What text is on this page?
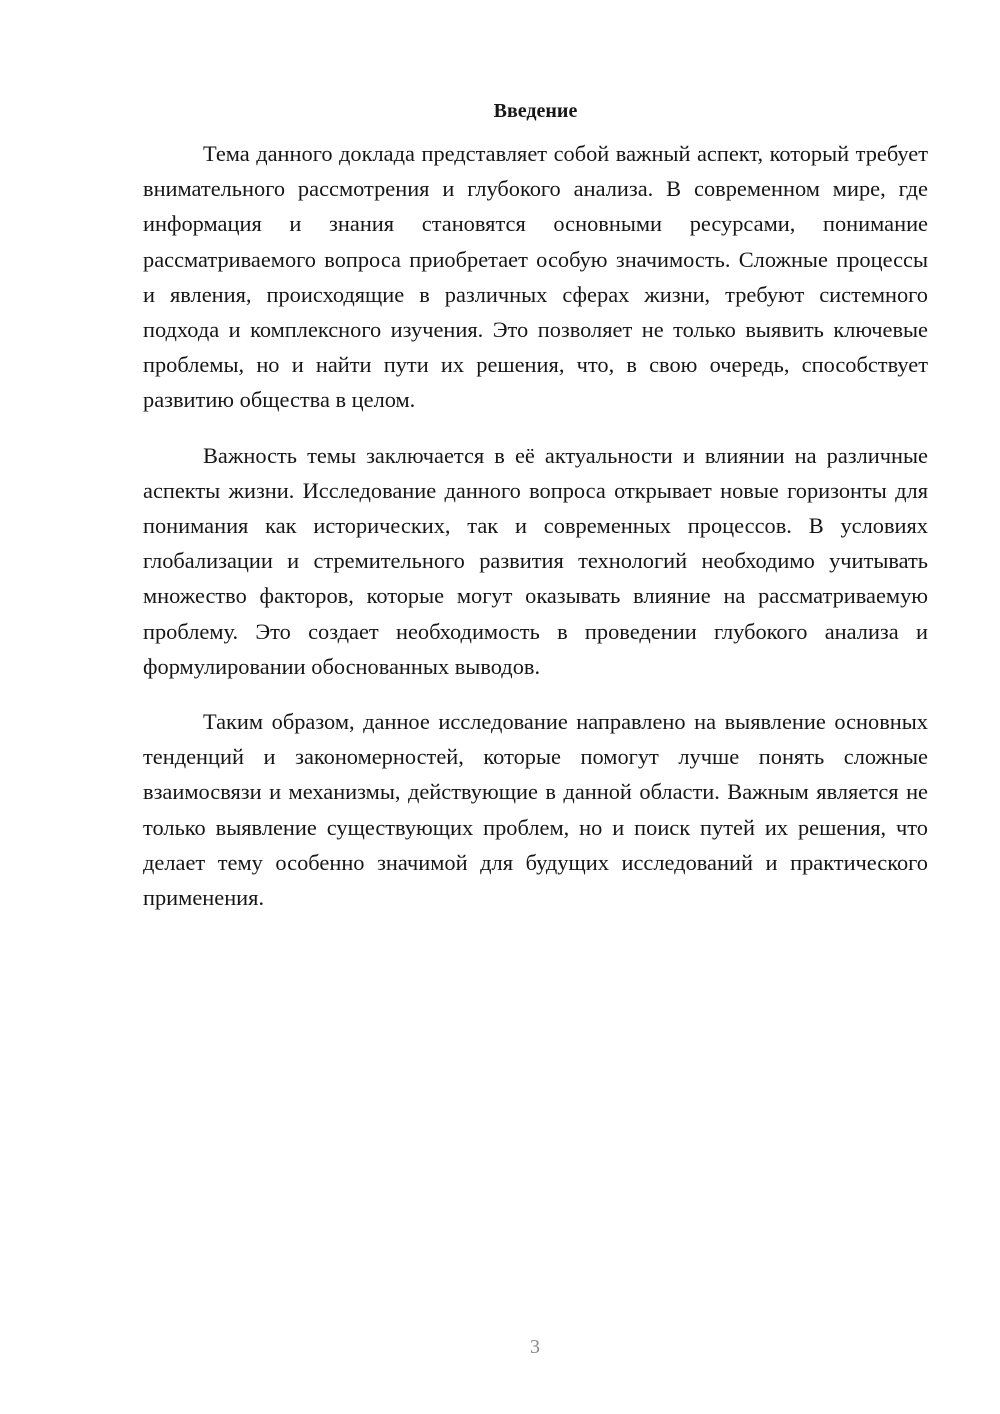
Введение

Тема данного доклада представляет собой важный аспект, который требует внимательного рассмотрения и глубокого анализа. В современном мире, где информация и знания становятся основными ресурсами, понимание рассматриваемого вопроса приобретает особую значимость. Сложные процессы и явления, происходящие в различных сферах жизни, требуют системного подхода и комплексного изучения. Это позволяет не только выявить ключевые проблемы, но и найти пути их решения, что, в свою очередь, способствует развитию общества в целом.

Важность темы заключается в её актуальности и влиянии на различные аспекты жизни. Исследование данного вопроса открывает новые горизонты для понимания как исторических, так и современных процессов. В условиях глобализации и стремительного развития технологий необходимо учитывать множество факторов, которые могут оказывать влияние на рассматриваемую проблему. Это создает необходимость в проведении глубокого анализа и формулировании обоснованных выводов.

Таким образом, данное исследование направлено на выявление основных тенденций и закономерностей, которые помогут лучше понять сложные взаимосвязи и механизмы, действующие в данной области. Важным является не только выявление существующих проблем, но и поиск путей их решения, что делает тему особенно значимой для будущих исследований и практического применения.

3
